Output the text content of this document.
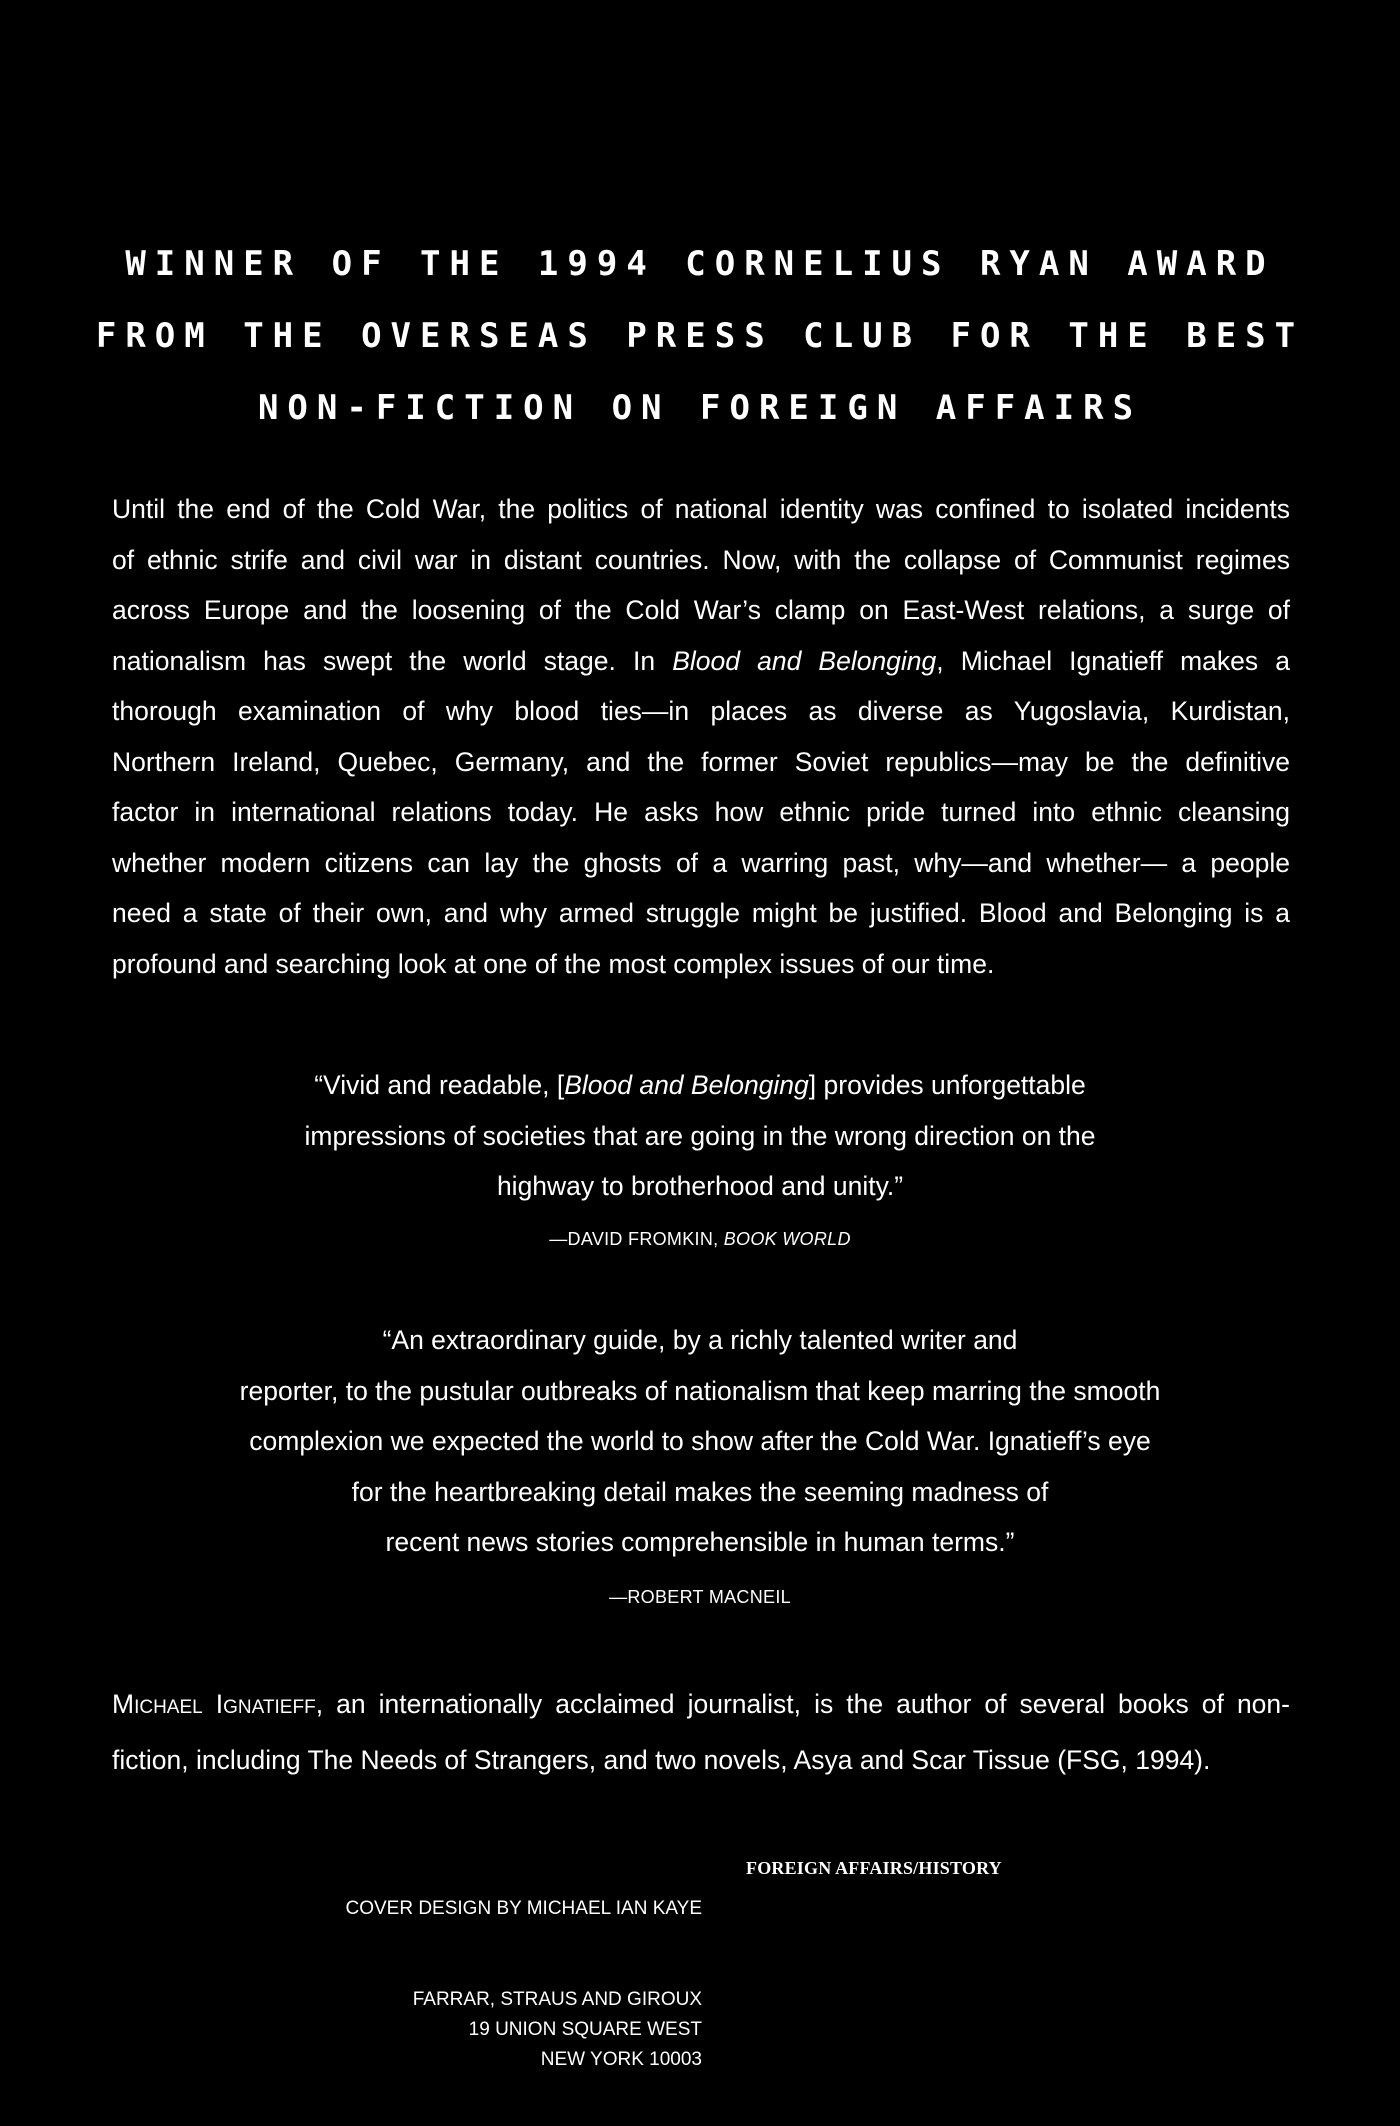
WINNER OF THE 1994 CORNELIUS RYAN AWARD
FROM THE OVERSEAS PRESS CLUB FOR THE BEST
NON-FICTION ON FOREIGN AFFAIRS
Until the end of the Cold War, the politics of national identity was confined to isolated incidents
of ethnic strife and civil war in distant countries. Now, with the collapse of Communist regimes
across Europe and the loosening of the Cold War’s clamp on East-West relations, a surge of
nationalism has swept the world stage. In Blood and Belonging, Michael Ignatieff makes a
thorough examination of why blood ties—in places as diverse as Yugoslavia, Kurdistan,
Northern Ireland, Quebec, Germany, and the former Soviet republics—may be the definitive
factor in international relations today. He asks how ethnic pride turned into ethnic cleansing
whether modern citizens can lay the ghosts of a warring past, why—and whether— a people
need a state of their own, and why armed struggle might be justified. Blood and Belonging is a
profound and searching look at one of the most complex issues of our time.
“Vivid and readable, [Blood and Belonging] provides unforgettable
impressions of societies that are going in the wrong direction on the
highway to brotherhood and unity.”
—DAVID FROMKIN, BOOK WORLD
“An extraordinary guide, by a richly talented writer and
reporter, to the pustular outbreaks of nationalism that keep marring the smooth
complexion we expected the world to show after the Cold War. Ignatieff’s eye
for the heartbreaking detail makes the seeming madness of
recent news stories comprehensible in human terms.”
—ROBERT MACNEIL
MICHAEL IGNATIEFF, an internationally acclaimed journalist, is the author of several books of non-
fiction, including The Needs of Strangers, and two novels, Asya and Scar Tissue (FSG, 1994).
FOREIGN AFFAIRS/HISTORY
COVER DESIGN BY MICHAEL IAN KAYE
FARRAR, STRAUS AND GIROUX
19 UNION SQUARE WEST
NEW YORK 10003
